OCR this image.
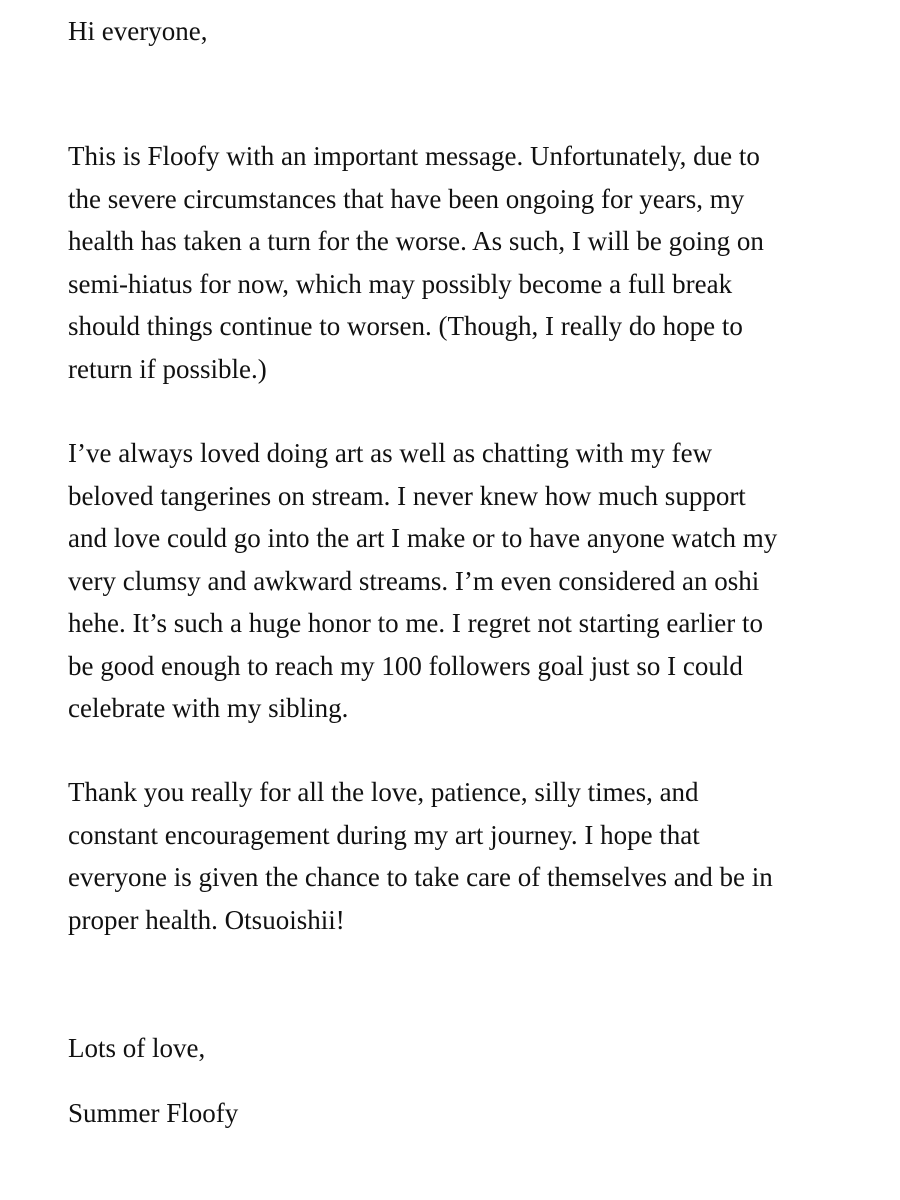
Hi everyone,

This is Floofy with an important message. Unfortunately, due to
the severe circumstances that have been ongoing for years, my
health has taken a turn for the worse. As such, I will be going on
semi-hiatus for now, which may possibly become a full break
should things continue to worsen. (Though, I really do hope to
return if possible.)

I’ve always loved doing art as well as chatting with my few
beloved tangerines on stream. I never knew how much support
and love could go into the art I make or to have anyone watch my
very clumsy and awkward streams. I’m even considered an oshi
hehe. It’s such a huge honor to me. I regret not starting earlier to
be good enough to reach my 100 followers goal just so I could
celebrate with my sibling.

Thank you really for all the love, patience, silly times, and
constant encouragement during my art journey. I hope that
everyone is given the chance to take care of themselves and be in
proper health. Otsuoishii!

Lots of love,

Summer Floofy
